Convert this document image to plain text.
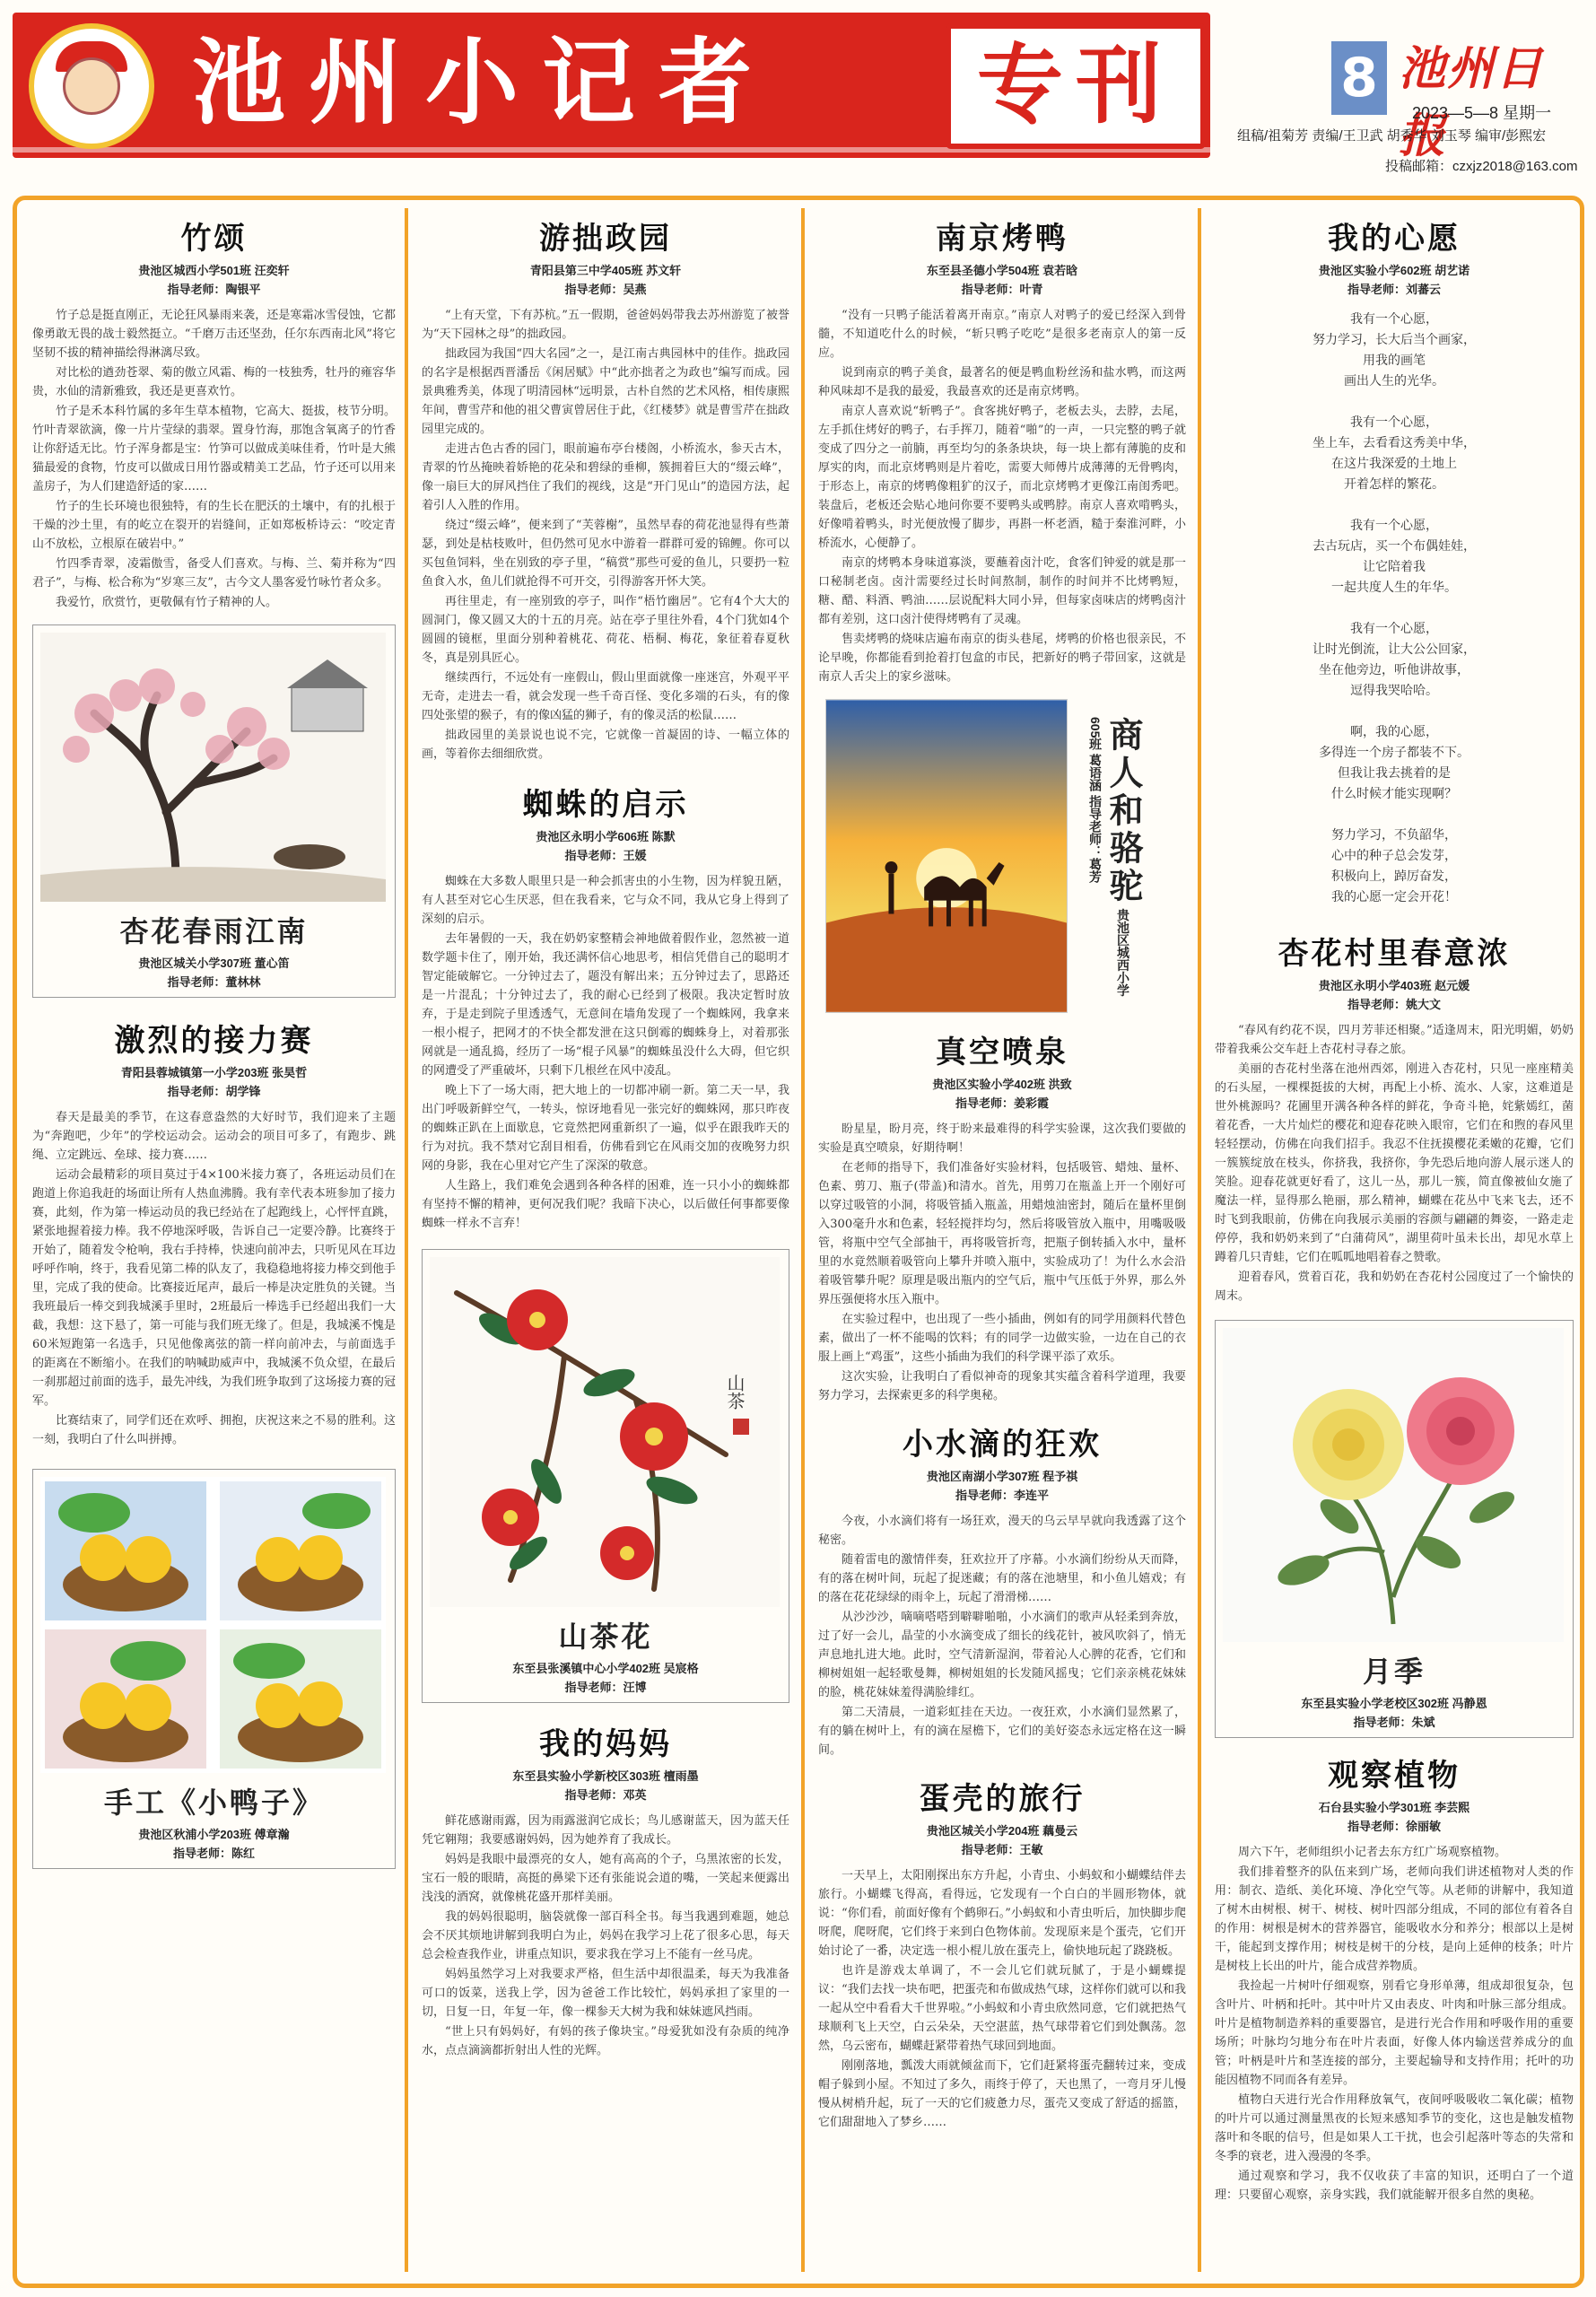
池州小记者	专刊	8 池州日报
2023—5—8 星期一
组稿/祖菊芳 责编/王卫武 胡秀华 刘玉琴 编审/彭熙宏
投稿邮箱：czxjz2018@163.com
竹颂
贵池区城西小学501班 汪奕轩
指导老师：陶银平

竹子总是挺直刚正，无论狂风暴雨来袭，还是寒霜冰雪侵蚀，它都像勇敢无畏的战士毅然挺立。“千磨万击还坚劲，任尔东西南北风”将它坚韧不拔的精神描绘得淋漓尽致。

对比松的遒劲苍翠、菊的傲立风霜、梅的一枝独秀，牡丹的雍容华贵，水仙的清新雅致，我还是更喜欢竹。

竹子是禾本科竹属的多年生草本植物，它高大、挺拔，枝节分明。竹叶青翠欲滴，像一片片莹绿的翡翠。置身竹海，那饱含氧离子的竹香让你舒适无比。竹子浑身都是宝：竹笋可以做成美味佳肴，竹叶是大熊猫最爱的食物，竹皮可以做成日用竹器或精美工艺品，竹子还可以用来盖房子，为人们建造舒适的家……

竹子的生长环境也很独特，有的生长在肥沃的土壤中，有的扎根于干燥的沙土里，有的屹立在裂开的岩缝间，正如郑板桥诗云：“咬定青山不放松，立根原在破岩中。”

竹四季青翠，凌霜傲雪，备受人们喜欢。与梅、兰、菊并称为“四君子”，与梅、松合称为“岁寒三友”，古今文人墨客爱竹咏竹者众多。

我爱竹，欣赏竹，更敬佩有竹子精神的人。

杏花春雨江南
贵池区城关小学307班 董心笛
指导老师：董林林
激烈的接力赛
青阳县蓉城镇第一小学203班 张昊哲
指导老师：胡学锋

春天是最美的季节，在这春意盎然的大好时节，我们迎来了主题为“奔跑吧，少年”的学校运动会。运动会的项目可多了，有跑步、跳绳、立定跳远、垒球、接力赛……

运动会最精彩的项目莫过于4×100米接力赛了，各班运动员们在跑道上你追我赶的场面让所有人热血沸腾。我有幸代表本班参加了接力赛，此刻，作为第一棒运动员的我已经站在了起跑线上，心怦怦直跳，紧张地握着接力棒。我不停地深呼吸，告诉自己一定要冷静。比赛终于开始了，随着发令枪响，我右手持棒，快速向前冲去，只听见风在耳边呼呼作响，终于，我看见第二棒的队友了，我稳稳地将接力棒交到他手里，完成了我的使命。比赛接近尾声，最后一棒是决定胜负的关键。当我班最后一棒交到我城溪手里时，2班最后一棒选手已经超出我们一大截，我想：这下悬了，第一可能与我们班无缘了。但是，我城溪不愧是60米短跑第一名选手，只见他像离弦的箭一样向前冲去，与前面选手的距离在不断缩小。在我们的呐喊助威声中，我城溪不负众望，在最后一刹那超过前面的选手，最先冲线，为我们班争取到了这场接力赛的冠军。

比赛结束了，同学们还在欢呼、拥抱，庆祝这来之不易的胜利。这一刻，我明白了什么叫拼搏。

手工《小鸭子》
贵池区秋浦小学203班 傅章瀚
指导老师：陈红
游拙政园
青阳县第三中学405班 苏文轩
指导老师：吴燕

“上有天堂，下有苏杭。”五一假期，爸爸妈妈带我去苏州游览了被誉为“天下园林之母”的拙政园。

拙政园为我国“四大名园”之一，是江南古典园林中的佳作。拙政园的名字是根据西晋潘岳《闲居赋》中“此亦拙者之为政也”编写而成。园景典雅秀美，体现了明清园林“远明景，古朴自然的艺术风格，相传康熙年间，曹雪芹和他的祖父曹寅曾居住于此，《红楼梦》就是曹雪芹在拙政园里完成的。

走进古色古香的园门，眼前遍布亭台楼阁，小桥流水，参天古木，青翠的竹丛掩映着娇艳的花朵和碧绿的垂柳，簇拥着巨大的“缀云峰”，像一扇巨大的屏风挡住了我们的视线，这是“开门见山”的造园方法，起着引人入胜的作用。

绕过“缀云峰”，便来到了“芙蓉榭”，虽然早春的荷花池显得有些萧瑟，到处是枯枝败叶，但仍然可见水中游着一群群可爱的锦鲤。你可以买包鱼饲料，坐在别致的亭子里，“稿赏”那些可爱的鱼儿，只要扔一粒鱼食入水，鱼儿们就抢得不可开交，引得游客开怀大笑。

再往里走，有一座别致的亭子，叫作“梧竹幽居”。它有4个大大的圆洞门，像又圆又大的十五的月亮。站在亭子里往外看，4个门犹如4个圆圆的镜框，里面分别种着桃花、荷花、梧桐、梅花，象征着春夏秋冬，真是别具匠心。

继续西行，不远处有一座假山，假山里面就像一座迷宫，外观平平无奇，走进去一看，就会发现一些千奇百怪、变化多端的石头，有的像四处张望的猴子，有的像凶猛的狮子，有的像灵活的松鼠……

拙政园里的美景说也说不完，它就像一首凝固的诗、一幅立体的画，等着你去细细欣赏。

蜘蛛的启示
贵池区永明小学606班 陈默
指导老师：王媛

蜘蛛在大多数人眼里只是一种会抓害虫的小生物，因为样貌丑陋，有人甚至对它心生厌恶，但在我看来，它与众不同，我从它身上得到了深刻的启示。

去年暑假的一天，我在奶奶家整精会神地做着假作业，忽然被一道数学题卡住了，刚开始，我还满怀信心地思考，相信凭借自己的聪明才智定能破解它。一分钟过去了，题没有解出来；五分钟过去了，思路还是一片混乱；十分钟过去了，我的耐心已经到了极限。我决定暂时放弃，于是走到院子里透透气，无意间在墙角发现了一个蜘蛛网，我拿来一根小棍子，把网才的不快全都发泄在这只倒霉的蜘蛛身上，对着那张网就是一通乱捣，经历了一场“棍子风暴”的蜘蛛虽没什么大碍，但它织的网遭受了严重破坏，只剩下几根丝在风中凌乱。

晚上下了一场大雨，把大地上的一切都冲刷一新。第二天一早，我出门呼吸新鲜空气，一转头，惊讶地看见一张完好的蜘蛛网，那只昨夜的蜘蛛正趴在上面歇息，它竟然把网重新织了一遍，似乎在跟我昨天的行为对抗。我不禁对它刮目相看，仿佛看到它在风雨交加的夜晚努力织网的身影，我在心里对它产生了深深的敬意。

人生路上，我们难免会遇到各种各样的困难，连一只小小的蜘蛛都有坚持不懈的精神，更何况我们呢？我暗下决心，以后做任何事都要像蜘蛛一样永不言弃！

山茶
山茶花
东至县张溪镇中心小学402班 吴宸格
指导老师：汪博
我的妈妈
东至县实验小学新校区303班 檀雨墨
指导老师：邓英

鲜花感谢雨露，因为雨露滋润它成长；鸟儿感谢蓝天，因为蓝天任凭它翱翔；我要感谢妈妈，因为她养育了我成长。

妈妈是我眼中最漂亮的女人，她有高高的个子，乌黑浓密的长发，宝石一般的眼睛，高挺的鼻梁下还有张能说会道的嘴，一笑起来便露出浅浅的酒窝，就像桃花盛开那样美丽。

我的妈妈很聪明，脑袋就像一部百科全书。每当我遇到难题，她总会不厌其烦地讲解到我明白为止，妈妈在我学习上花了很多心思，每天总会检查我作业，讲重点知识，要求我在学习上不能有一丝马虎。

妈妈虽然学习上对我要求严格，但生活中却很温柔，每天为我准备可口的饭菜，送我上学，因为爸爸工作比较忙，妈妈承担了家里的一切，日复一日，年复一年，像一棵参天大树为我和妹妹遮风挡雨。

“世上只有妈妈好，有妈的孩子像块宝。”母爱犹如没有杂质的纯净水，点点滴滴都折射出人性的光辉。

南京烤鸭
东至县圣德小学504班 袁若晗
指导老师：叶青

“没有一只鸭子能活着离开南京。”南京人对鸭子的爱已经深入到骨髓，不知道吃什么的时候，“斩只鸭子吃吃”是很多老南京人的第一反应。

说到南京的鸭子美食，最著名的便是鸭血粉丝汤和盐水鸭，而这两种风味却不是我的最爱，我最喜欢的还是南京烤鸭。

南京人喜欢说“斩鸭子”。食客挑好鸭子，老板去头，去脖，去尾，左手抓住烤好的鸭子，右手挥刀，随着“啪”的一声，一只完整的鸭子就变成了四分之一前腩，再至均匀的条条块块，每一块上都有薄脆的皮和厚实的肉，而北京烤鸭则是片着吃，需要大师傅片成薄薄的无骨鸭肉，于形态上，南京的烤鸭像粗犷的汉子，而北京烤鸭才更像江南闺秀吧。装盘后，老板还会贴心地问你要不要鸭头或鸭脖。南京人喜欢啃鸭头，好像啃着鸭头，时光便放慢了脚步，再斟一杯老酒，糙于秦淮河畔，小桥流水，心便静了。

南京的烤鸭本身味道寡淡，要蘸着卤汁吃，食客们钟爱的就是那一口秘制老卤。卤汁需要经过长时间熬制，制作的时间并不比烤鸭短，糖、醋、料酒、鸭油……层说配料大同小异，但每家卤味店的烤鸭卤汁都有差别，这口卤汁使得烤鸭有了灵魂。

售卖烤鸭的烧味店遍布南京的街头巷尾，烤鸭的价格也很亲民，不论早晚，你都能看到抢着打包盒的市民，把新好的鸭子带回家，这就是南京人舌尖上的家乡滋味。

商人和骆驼 贵池区城西小学605班 葛语涵 指导老师：葛芳
真空喷泉
贵池区实验小学402班 洪致
指导老师：姜彩霞

盼星星，盼月亮，终于盼来最难得的科学实验课，这次我们要做的实验是真空喷泉，好期待啊！

在老师的指导下，我们准备好实验材料，包括吸管、蜡烛、量杯、色素、剪刀、瓶子(带盖)和清水。首先，用剪刀在瓶盖上开一个刚好可以穿过吸管的小洞，将吸管插入瓶盖，用蜡烛油密封，随后在量杯里倒入300毫升水和色素，轻轻搅拌均匀，然后将吸管放入瓶中，用嘴吸吸管，将瓶中空气全部抽干，再将吸管折弯，把瓶子倒转插入水中，量杯里的水竟然顺着吸管向上攀升并喷入瓶中，实验成功了！为什么水会沿着吸管攀升呢？原理是吸出瓶内的空气后，瓶中气压低于外界，那么外界压强便将水压入瓶中。

在实验过程中，也出现了一些小插曲，例如有的同学用颜料代替色素，做出了一杯不能喝的饮料；有的同学一边做实验，一边在自己的衣服上画上“鸡蛋”，这些小插曲为我们的科学课平添了欢乐。

这次实验，让我明白了看似神奇的现象其实蕴含着科学道理，我要努力学习，去探索更多的科学奥秘。

小水滴的狂欢
贵池区南湖小学307班 程予祺
指导老师：李连平

今夜，小水滴们将有一场狂欢，漫天的乌云早早就向我透露了这个秘密。

随着雷电的激情伴奏，狂欢拉开了序幕。小水滴们纷纷从天而降，有的落在树叶间，玩起了捉迷藏；有的落在池塘里，和小鱼儿嬉戏；有的落在花花绿绿的雨伞上，玩起了滑滑梯……

从沙沙沙，嘀嘀嗒嗒到噼噼啪啪，小水滴们的歌声从轻柔到奔放，过了好一会儿，晶莹的小水滴变成了细长的线花针，被风吹斜了，悄无声息地扎进大地。此时，空气清新湿润，带着沁人心脾的花香，它们和柳树姐姐一起轻歌曼舞，柳树姐姐的长发随风摇曳；它们亲亲桃花妹妹的脸，桃花妹妹羞得满脸绯红。

第二天清晨，一道彩虹挂在天边。一夜狂欢，小水滴们显然累了，有的躺在树叶上，有的滴在屋檐下，它们的美好姿态永远定格在这一瞬间。

蛋壳的旅行
贵池区城关小学204班 藕曼云
指导老师：王敏

一天早上，太阳刚探出东方升起，小青虫、小蚂蚁和小蝴蝶结伴去旅行。小蝴蝶飞得高，看得远，它发现有一个白白的半圆形物体，就说：“你们看，前面好像有个鹤卵石。”小蚂蚁和小青虫听后，加快脚步爬呀爬，爬呀爬，它们终于来到白色物体前。发现原来是个蛋壳，它们开始讨论了一番，决定选一根小棍儿放在蛋壳上，偷快地玩起了跷跷板。

也许是游戏太单调了，不一会儿它们就玩腻了，于是小蝴蝶提议：“我们去找一块布吧，把蛋壳和布做成热气球，这样你们就可以和我一起从空中看看大千世界啦。”小蚂蚁和小青虫欣然同意，它们就把热气球顺利飞上天空，白云朵朵，天空湛蓝，热气球带着它们到处飘荡。忽然，乌云密布，蝴蝶赶紧带着热气球回到地面。

刚刚落地，瓢泼大雨就倾盆而下，它们赶紧将蛋壳翻转过来，变成帽子躲到小屋。不知过了多久，雨终于停了，天也黑了，一弯月牙儿慢慢从树梢升起，玩了一天的它们疲惫力尽，蛋壳又变成了舒适的摇篮，它们甜甜地入了梦乡……

我的心愿
贵池区实验小学602班 胡艺诺
指导老师：刘蕃云
我有一个心愿，
努力学习，长大后当个画家，
用我的画笔
画出人生的光华。
我有一个心愿，
坐上车，去看看这秀美中华，
在这片我深爱的土地上
开着怎样的繁花。
我有一个心愿，
去古玩店，买一个布偶娃娃，
让它陪着我
一起共度人生的年华。
我有一个心愿，
让时光倒流，让大公公回家，
坐在他旁边，听他讲故事，
逗得我哭哈哈。
啊，我的心愿，
多得连一个房子都装不下。
但我让我去挑着的是
什么时候才能实现啊？
努力学习，不负韶华，
心中的种子总会发芽，
积极向上，踔厉奋发，
我的心愿一定会开花！
杏花村里春意浓
贵池区永明小学403班 赵元媛
指导老师：姚大文

“春风有约花不误，四月芳菲还相聚。”适逢周末，阳光明媚，奶奶带着我乘公交车赶上杏花村寻春之旅。

美丽的杏花村坐落在池州西郊，刚进入杏花村，只见一座座精美的石头屋，一棵棵挺拔的大树，再配上小桥、流水、人家，这难道是世外桃源吗？花圃里开满各种各样的鲜花，争奇斗艳，姹紫嫣红，菌着花香，一大片灿烂的樱花和迎春花映入眼帘，它们在和煦的春风里轻轻摆动，仿佛在向我们招手。我忍不住抚摸樱花柔嫩的花瓣，它们一簇簇绽放在枝头，你挤我，我挤你，争先恐后地向游人展示迷人的笑脸。迎春花就更好看了，这儿一丛，那儿一簇，简直像被仙女施了魔法一样，显得那么艳丽，那么精神，蝴蝶在花丛中飞来飞去，还不时飞到我眼前，仿佛在向我展示美丽的容颜与翩翩的舞姿，一路走走停停，我和奶奶来到了“白蒲荷风”，湖里荷叶虽未长出，却见水草上蹲着几只青蛙，它们在呱呱地唱着春之赞歌。

迎着春风，赏着百花，我和奶奶在杏花村公园度过了一个愉快的周末。

月季
东至县实验小学老校区302班 冯静恩
指导老师：朱斌
观察植物
石台县实验小学301班 李芸熙
指导老师：徐丽敏

周六下午，老师组织小记者去东方红广场观察植物。

我们排着整齐的队伍来到广场，老师向我们讲述植物对人类的作用：制衣、造纸、美化环境、净化空气等。从老师的讲解中，我知道了树木由树根、树干、树枝、树叶四部分组成，不同的部位有着各自的作用：树根是树木的营养器官，能吸收水分和养分；根部以上是树干，能起到支撑作用；树枝是树干的分枝，是向上延伸的枝条；叶片是树枝上长出的叶片，能合成营养物质。

我捡起一片树叶仔细观察，别看它身形单薄，组成却很复杂，包含叶片、叶柄和托叶。其中叶片又由表皮、叶肉和叶脉三部分组成。叶片是植物制造养料的重要器官，是进行光合作用和呼吸作用的重要场所；叶脉均匀地分布在叶片表面，好像人体内输送营养成分的血管；叶柄是叶片和茎连接的部分，主要起输导和支持作用；托叶的功能因植物不同而各有差异。

植物白天进行光合作用释放氧气，夜间呼吸吸收二氧化碳；植物的叶片可以通过测量黑夜的长短来感知季节的变化，这也是触发植物落叶和冬眠的信号，但是如果人工干扰，也会引起落叶等态的失常和冬季的衰老，进入漫漫的冬季。

通过观察和学习，我不仅收获了丰富的知识，还明白了一个道理：只要留心观察，亲身实践，我们就能解开很多自然的奥秘。
